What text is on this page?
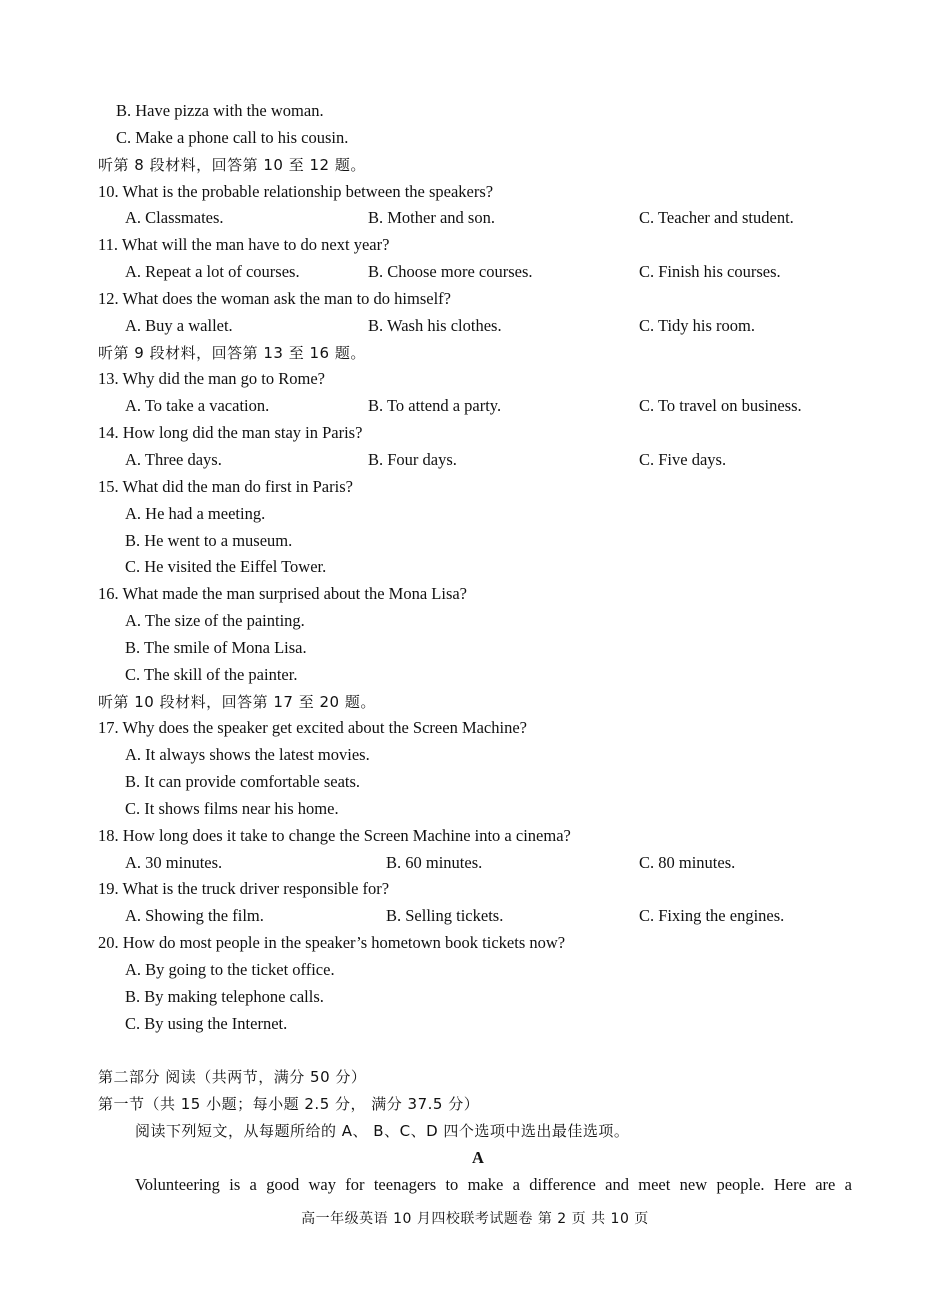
B. Have pizza with the woman.
C. Make a phone call to his cousin.
听第 8 段材料，回答第 10 至 12 题。
10. What is the probable relationship between the speakers?
A. Classmates.	B. Mother and son.	C. Teacher and student.
11. What will the man have to do next year?
A. Repeat a lot of courses.	B. Choose more courses.	C. Finish his courses.
12. What does the woman ask the man to do himself?
A. Buy a wallet.	B. Wash his clothes.	C. Tidy his room.
听第 9 段材料，回答第 13 至 16 题。
13. Why did the man go to Rome?
A. To take a vacation.	B. To attend a party.	C. To travel on business.
14. How long did the man stay in Paris?
A. Three days.	B. Four days.	C. Five days.
15. What did the man do first in Paris?
A. He had a meeting.
B. He went to a museum.
C. He visited the Eiffel Tower.
16. What made the man surprised about the Mona Lisa?
A. The size of the painting.
B. The smile of Mona Lisa.
C. The skill of the painter.
听第 10 段材料，回答第 17 至 20 题。
17. Why does the speaker get excited about the Screen Machine?
A. It always shows the latest movies.
B. It can provide comfortable seats.
C. It shows films near his home.
18. How long does it take to change the Screen Machine into a cinema?
A. 30 minutes.	B. 60 minutes.	C. 80 minutes.
19. What is the truck driver responsible for?
A. Showing the film.	B. Selling tickets.	C. Fixing the engines.
20. How do most people in the speaker’s hometown book tickets now?
A. By going to the ticket office.
B. By making telephone calls.
C. By using the Internet.
第二部分 阅读（共两节，满分 50 分）
第一节（共 15 小题；每小题 2.5 分， 满分 37.5 分）
阅读下列短文，从每题所给的 A、 B、C、D 四个选项中选出最佳选项。
A
Volunteering is a good way for teenagers to make a difference and meet new people. Here are a
高一年级英语 10 月四校联考试题卷 第 2 页 共 10 页
